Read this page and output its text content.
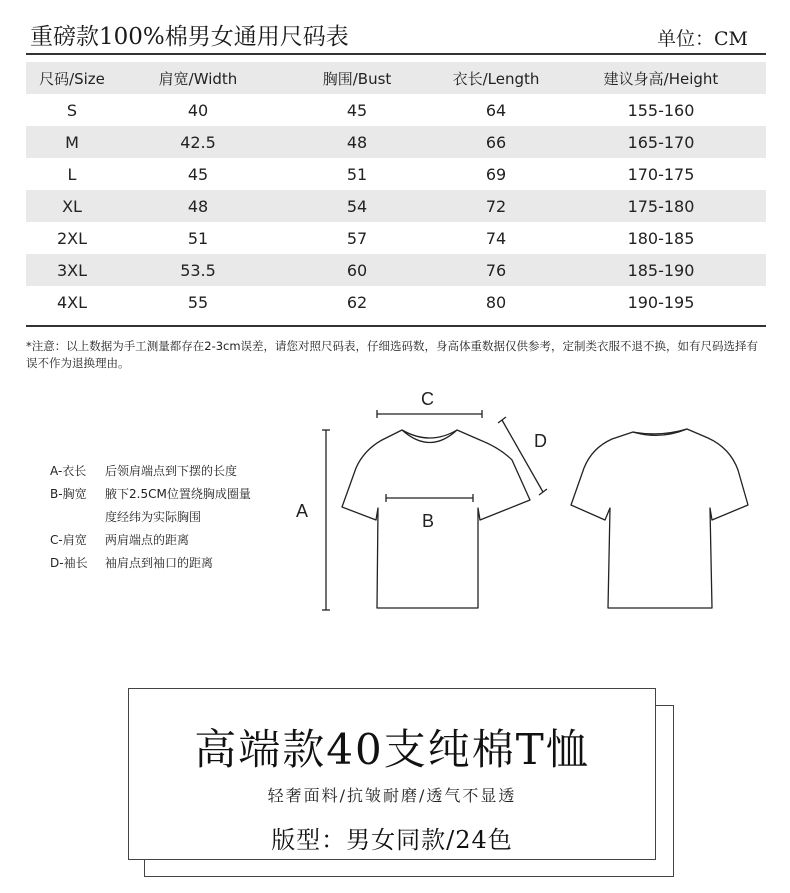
重磅款100%棉男女通用尺码表	单位：CM
尺码/Size	肩宽/Width	胸围/Bust	衣长/Length	建议身高/Height
S	40	45	64	155-160
M	42.5	48	66	165-170
L	45	51	69	170-175
XL	48	54	72	175-180
2XL	51	57	74	180-185
3XL	53.5	60	76	185-190
4XL	55	62	80	190-195
*注意：以上数据为手工测量都存在2-3cm误差，请您对照尺码表，仔细选码数，身高体重数据仅供参考，定制类衣服不退不换，如有尺码选择有误不作为退换理由。
A-衣长	后领肩端点到下摆的长度
B-胸宽	腋下2.5CM位置绕胸成圈量
度经纬为实际胸围
C-肩宽	两肩端点的距离
D-袖长	袖肩点到袖口的距离
C
A
D
B
高端款40支纯棉T恤
轻奢面料/抗皱耐磨/透气不显透
版型：男女同款/24色
